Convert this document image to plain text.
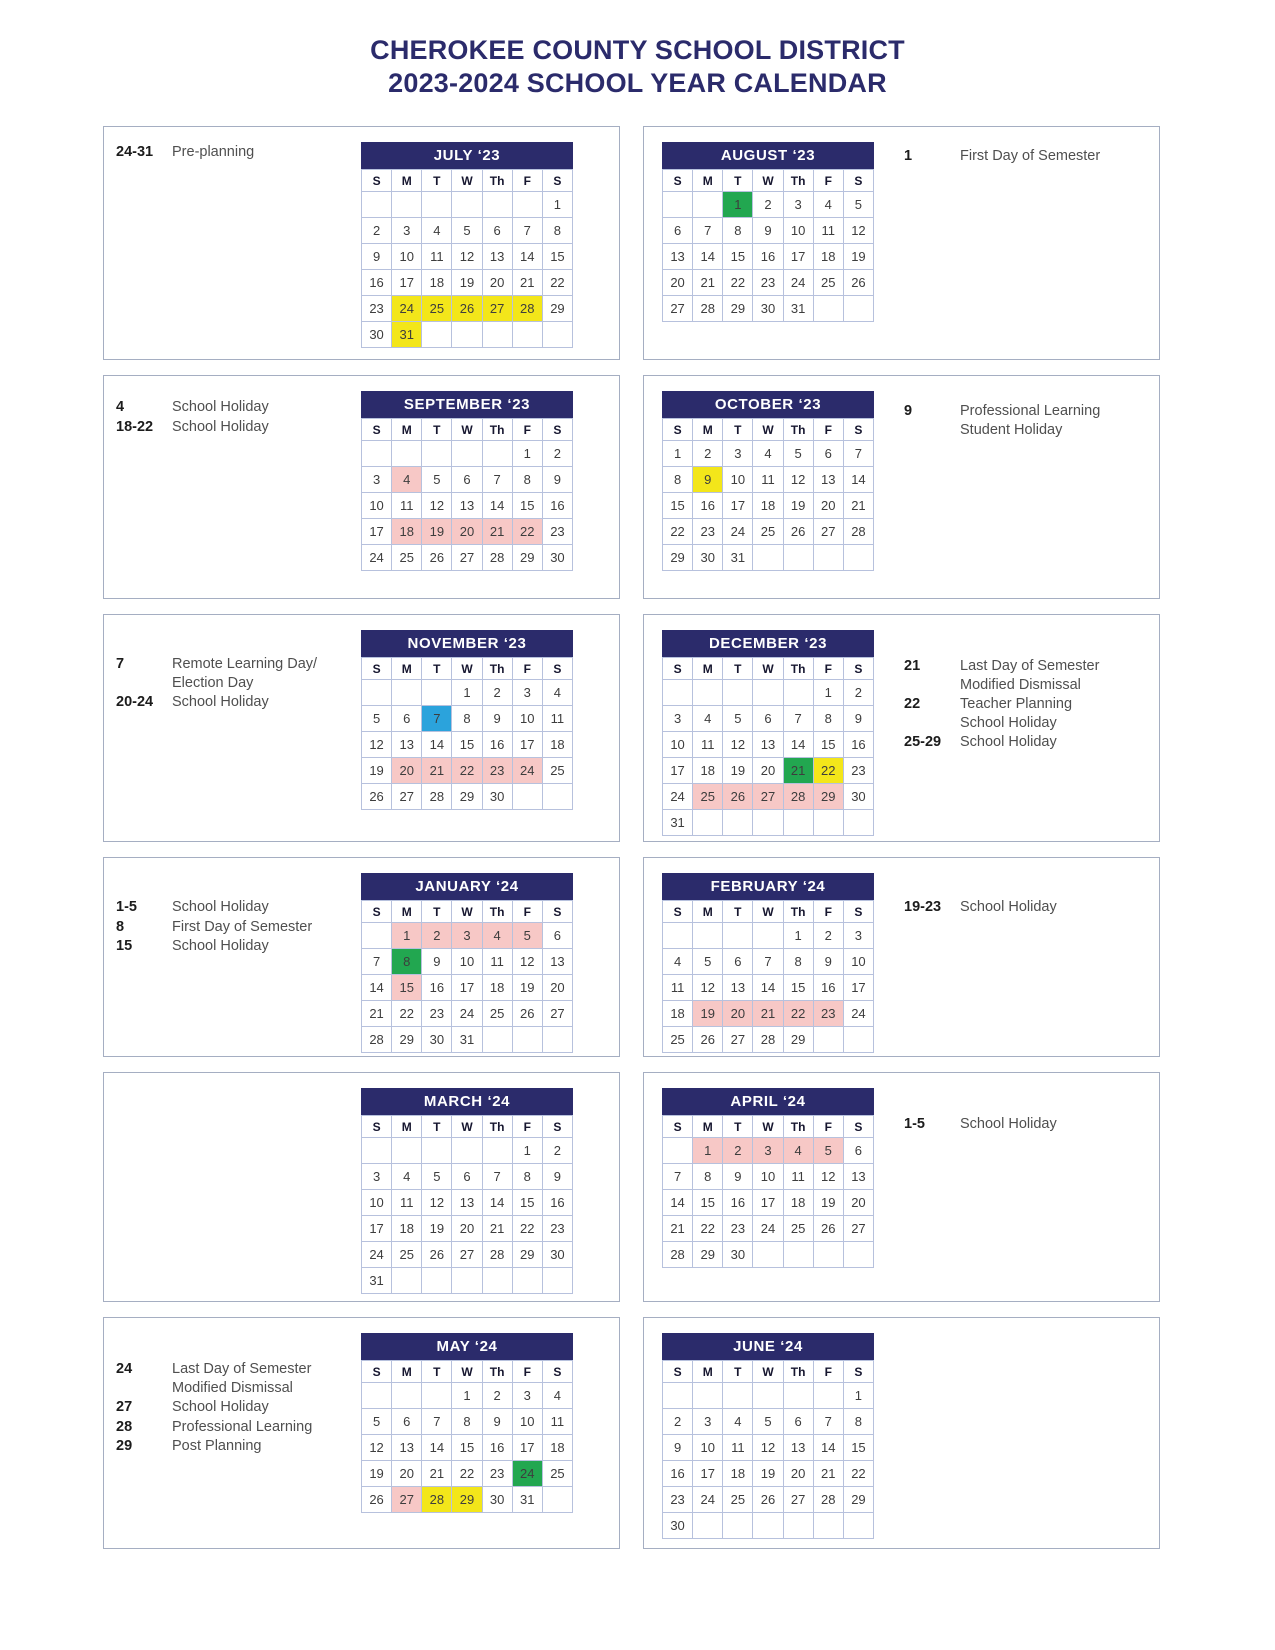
CHEROKEE COUNTY SCHOOL DISTRICT
2023-2024 SCHOOL YEAR CALENDAR
24-31	Pre-planning	JULY ‘23
S	M	T	W	Th	F	S
						1
2	3	4	5	6	7	8
9	10	11	12	13	14	15
16	17	18	19	20	21	22
23	24	25	26	27	28	29
30	31					
AUGUST ‘23
S	M	T	W	Th	F	S
		1	2	3	4	5
6	7	8	9	10	11	12
13	14	15	16	17	18	19
20	21	22	23	24	25	26
27	28	29	30	31		
1	First Day of Semester
4	School Holiday
18-22	School Holiday
SEPTEMBER ‘23
S	M	T	W	Th	F	S
					1	2
3	4	5	6	7	8	9
10	11	12	13	14	15	16
17	18	19	20	21	22	23
24	25	26	27	28	29	30
OCTOBER ‘23
S	M	T	W	Th	F	S
1	2	3	4	5	6	7
8	9	10	11	12	13	14
15	16	17	18	19	20	21
22	23	24	25	26	27	28
29	30	31				
9	Professional Learning
Student Holiday
7	Remote Learning Day/
Election Day
20-24	School Holiday
NOVEMBER ‘23
S	M	T	W	Th	F	S
			1	2	3	4
5	6	7	8	9	10	11
12	13	14	15	16	17	18
19	20	21	22	23	24	25
26	27	28	29	30		
DECEMBER ‘23
S	M	T	W	Th	F	S
					1	2
3	4	5	6	7	8	9
10	11	12	13	14	15	16
17	18	19	20	21	22	23
24	25	26	27	28	29	30
31						
21	Last Day of Semester
Modified Dismissal
22	Teacher Planning
School Holiday
25-29	School Holiday
1-5	School Holiday
8	First Day of Semester
15	School Holiday
JANUARY ‘24
S	M	T	W	Th	F	S
	1	2	3	4	5	6
7	8	9	10	11	12	13
14	15	16	17	18	19	20
21	22	23	24	25	26	27
28	29	30	31			
FEBRUARY ‘24
S	M	T	W	Th	F	S
				1	2	3
4	5	6	7	8	9	10
11	12	13	14	15	16	17
18	19	20	21	22	23	24
25	26	27	28	29		
19-23	School Holiday
MARCH ‘24
S	M	T	W	Th	F	S
					1	2
3	4	5	6	7	8	9
10	11	12	13	14	15	16
17	18	19	20	21	22	23
24	25	26	27	28	29	30
31						
APRIL ‘24
S	M	T	W	Th	F	S
	1	2	3	4	5	6
7	8	9	10	11	12	13
14	15	16	17	18	19	20
21	22	23	24	25	26	27
28	29	30				
1-5	School Holiday
24	Last Day of Semester
Modified Dismissal
27	School Holiday
28	Professional Learning
29	Post Planning
MAY ‘24
S	M	T	W	Th	F	S
			1	2	3	4
5	6	7	8	9	10	11
12	13	14	15	16	17	18
19	20	21	22	23	24	25
26	27	28	29	30	31	
JUNE ‘24
S	M	T	W	Th	F	S
						1
2	3	4	5	6	7	8
9	10	11	12	13	14	15
16	17	18	19	20	21	22
23	24	25	26	27	28	29
30						
